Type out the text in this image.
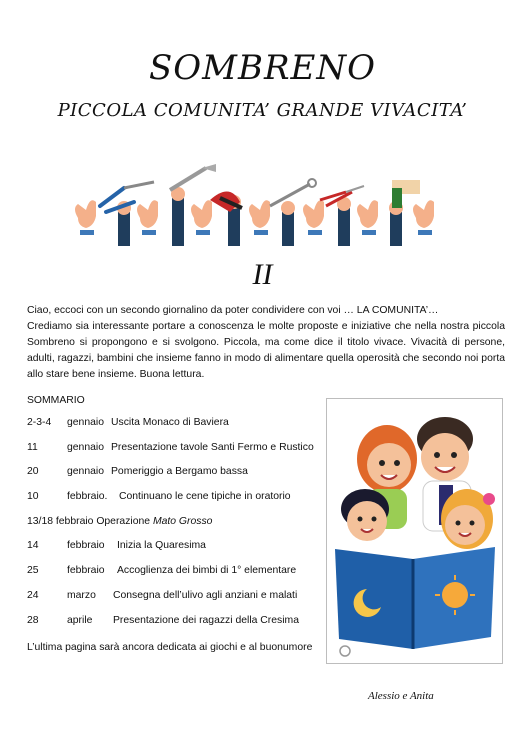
SOMBRENO
PICCOLA COMUNITA’ GRANDE VIVACITA’
II

Ciao, eccoci con un secondo giornalino da poter condividere con voi … LA COMUNITA’…

Crediamo sia interessante portare a conoscenza le molte proposte e iniziative che nella nostra piccola Sombreno si propongono e si svolgono. Piccola, ma come dice il titolo vivace. Vivacità di persone, adulti, ragazzi, bambini che insieme fanno in modo di alimentare quella operosità che secondo noi porta allo stare bene insieme. Buona lettura.

SOMMARIO
2-3-4 gennaio Uscita Monaco di Baviera
11	gennaio Presentazione tavole Santi Fermo e Rustico
20	gennaio Pomeriggio a Bergamo bassa
10	febbraio. Continuano le cene tipiche in oratorio
13/18 febbraio Operazione Mato Grosso
14	febbraio Inizia la Quaresima
25	febbraio Accoglienza dei bimbi di 1° elementare
24	marzo Consegna dell’ulivo agli anziani e malati
28	aprile Presentazione dei ragazzi della Cresima
L’ultima pagina sarà ancora dedicata ai giochi e al buonumore
Alessio e Anita
